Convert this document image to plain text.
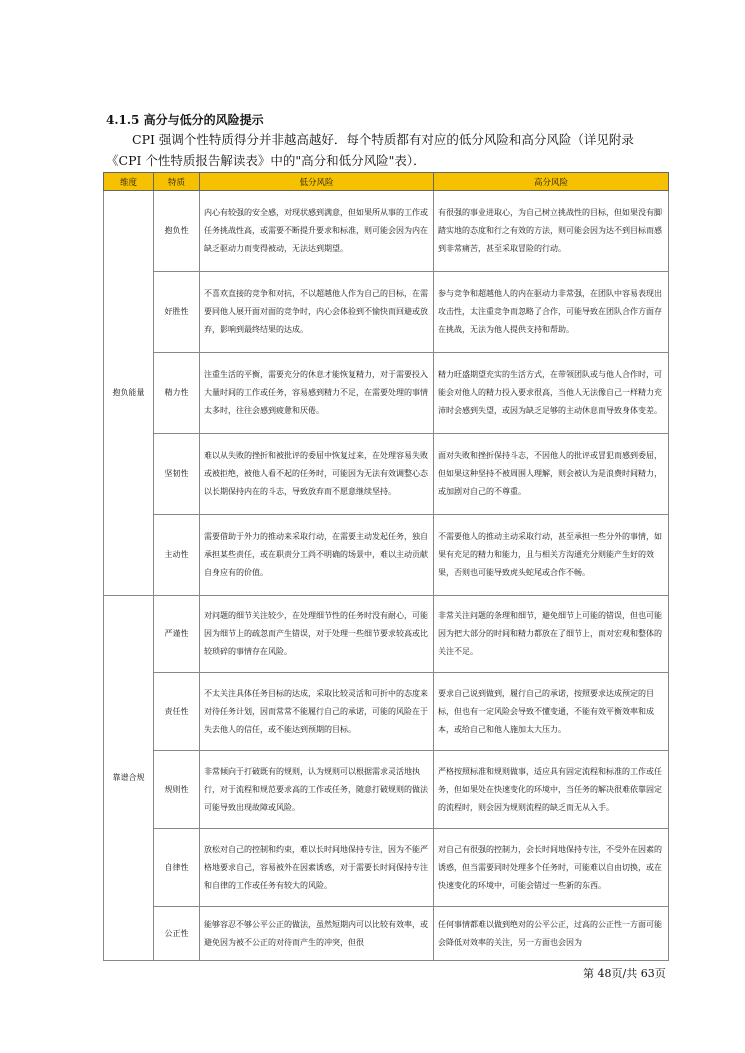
4.1.5 高分与低分的风险提示
CPI 强调个性特质得分并非越高越好．每个特质都有对应的低分风险和高分风险（详见附录《CPI 个性特质报告解读表》中的"高分和低分风险"表）．
维度	特质	低分风险	高分风险
抱负能量	抱负性	内心有较强的安全感，对现状感到满意，但如果所从事的工作或任务挑战性高，或需要不断提升要求和标准，则可能会因为内在缺乏驱动力而变得被动，无法达到期望。	有很强的事业进取心，为自己树立挑战性的目标，但如果没有脚踏实地的态度和行之有效的方法，则可能会因为达不到目标而感到非常痛苦，甚至采取冒险的行动。
	好胜性	不喜欢直接的竞争和对抗，不以超越他人作为自己的目标，在需要同他人展开面对面的竞争时，内心会体验到不愉快而回避或放弃，影响到最终结果的达成。	参与竞争和超越他人的内在驱动力非常强，在团队中容易表现出攻击性，太注重竞争而忽略了合作，可能导致在团队合作方面存在挑战，无法为他人提供支持和帮助。
	精力性	注重生活的平衡，需要充分的休息才能恢复精力，对于需要投入大量时间的工作或任务，容易感到精力不足，在需要处理的事情太多时，往往会感到疲惫和厌倦。	精力旺盛期望充实的生活方式，在带领团队或与他人合作时，可能会对他人的精力投入要求很高，当他人无法像自己一样精力充沛时会感到失望，或因为缺乏足够的主动休息而导致身体变差。
	坚韧性	难以从失败的挫折和被批评的委屈中恢复过来，在处理容易失败或被拒绝，被他人看不起的任务时，可能因为无法有效调整心态以长期保持内在的斗志，导致放弃而不愿意继续坚持。	面对失败和挫折保持斗志，不因他人的批评或冒犯而感到委屈，但如果这种坚持不被周围人理解，则会被认为是浪费时间精力，或加剧对自己的不尊重。
	主动性	需要借助于外力的推动来采取行动，在需要主动发起任务，独自承担某些责任，或在职责分工尚不明确的场景中，难以主动贡献自身应有的价值。	不需要他人的推动主动采取行动，甚至承担一些分外的事情，如果有充足的精力和能力，且与相关方沟通充分则能产生好的效果，否则也可能导致虎头蛇尾或合作不畅。
靠谱合规	严谨性	对问题的细节关注较少，在处理细节性的任务时没有耐心，可能因为细节上的疏忽而产生错误，对于处理一些细节要求较高或比较琐碎的事情存在风险。	非常关注问题的条理和细节，避免细节上可能的错误，但也可能因为把大部分的时间和精力都放在了细节上，而对宏观和整体的关注不足。
	责任性	不太关注具体任务目标的达成，采取比较灵活和可折中的态度来对待任务计划，因而常常不能履行自己的承诺，可能的风险在于失去他人的信任，或不能达到预期的目标。	要求自己说到做到，履行自己的承诺，按照要求达成预定的目标，但也有一定风险会导致不懂变通，不能有效平衡效率和成本，或给自己和他人施加太大压力。
	规则性	非常倾向于打破既有的规则，认为规则可以根据需求灵活地执行，对于流程和规范要求高的工作或任务，随意打破规则的做法可能导致出现故障或风险。	严格按照标准和规则做事，适应具有固定流程和标准的工作或任务，但如果处在快速变化的环境中，当任务的解决很难依靠固定的流程时，则会因为规则流程的缺乏而无从入手。
	自律性	放松对自己的控制和约束，难以长时间地保持专注，因为不能严格地要求自己，容易被外在因素诱惑，对于需要长时间保持专注和自律的工作或任务有较大的风险。	对自己有很强的控制力，会长时间地保持专注，不受外在因素的诱惑，但当需要同时处理多个任务时，可能难以自由切换，或在快速变化的环境中，可能会错过一些新的东西。
	公正性	能够容忍不够公平公正的做法，虽然短期内可以比较有效率，或避免因为被不公正的对待而产生的冲突，但很	任何事情都难以做到绝对的公平公正，过高的公正性一方面可能会降低对效率的关注，另一方面也会因为
第 48页/共 63页
